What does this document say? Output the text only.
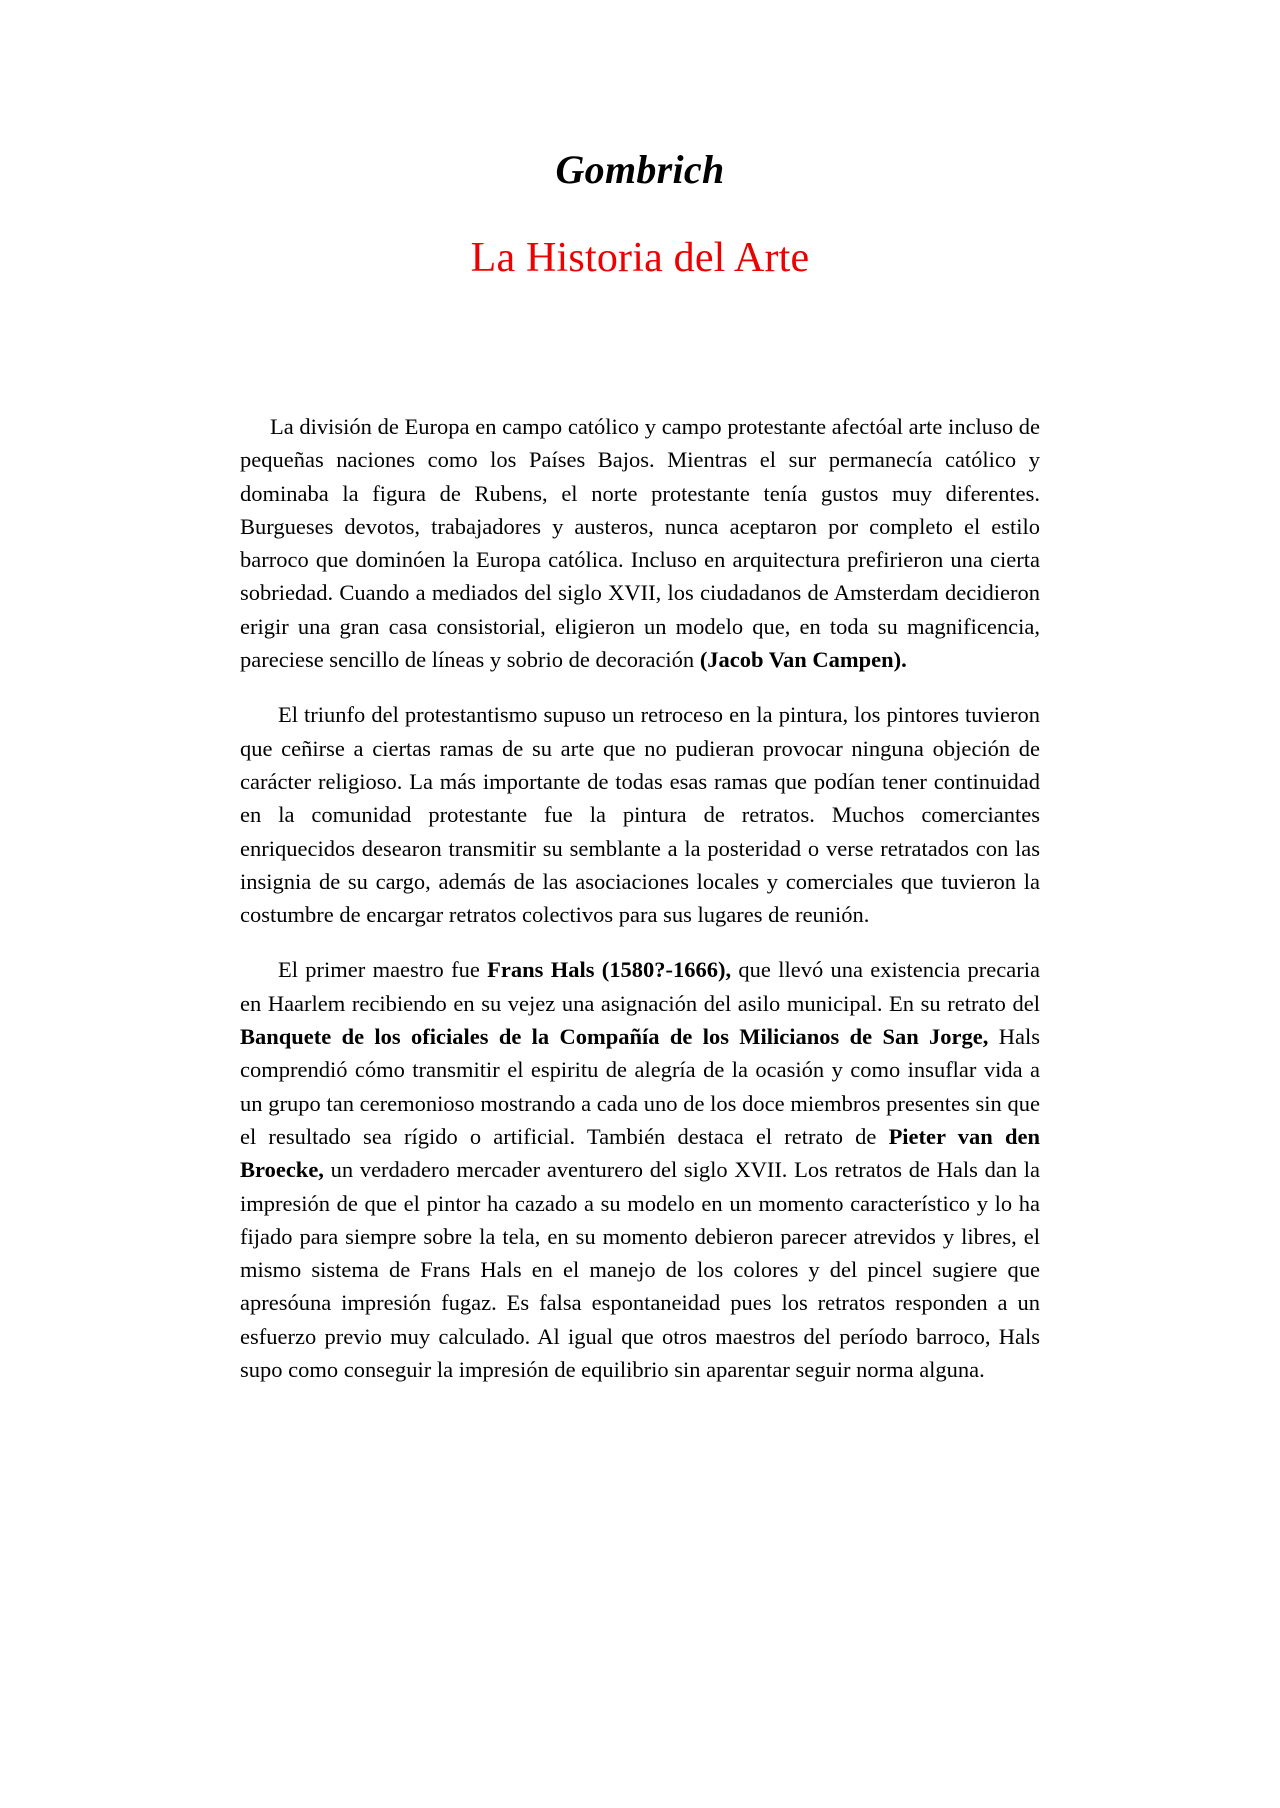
Gombrich
La Historia del Arte

La división de Europa en campo católico y campo protestante afectóal arte incluso de pequeñas naciones como los Países Bajos. Mientras el sur permanecía católico y dominaba la figura de Rubens, el norte protestante tenía gustos muy diferentes. Burgueses devotos, trabajadores y austeros, nunca aceptaron por completo el estilo barroco que dominóen la Europa católica. Incluso en arquitectura prefirieron una cierta sobriedad. Cuando a mediados del siglo XVII, los ciudadanos de Amsterdam decidieron erigir una gran casa consistorial, eligieron un modelo que, en toda su magnificencia, pareciese sencillo de líneas y sobrio de decoración (Jacob Van Campen).

El triunfo del protestantismo supuso un retroceso en la pintura, los pintores tuvieron que ceñirse a ciertas ramas de su arte que no pudieran provocar ninguna objeción de carácter religioso. La más importante de todas esas ramas que podían tener continuidad en la comunidad protestante fue la pintura de retratos. Muchos comerciantes enriquecidos desearon transmitir su semblante a la posteridad o verse retratados con las insignia de su cargo, además de las asociaciones locales y comerciales que tuvieron la costumbre de encargar retratos colectivos para sus lugares de reunión.

El primer maestro fue Frans Hals (1580?-1666), que llevó una existencia precaria en Haarlem recibiendo en su vejez una asignación del asilo municipal. En su retrato del Banquete de los oficiales de la Compañía de los Milicianos de San Jorge, Hals comprendió cómo transmitir el espiritu de alegría de la ocasión y como insuflar vida a un grupo tan ceremonioso mostrando a cada uno de los doce miembros presentes sin que el resultado sea rígido o artificial. También destaca el retrato de Pieter van den Broecke, un verdadero mercader aventurero del siglo XVII. Los retratos de Hals dan la impresión de que el pintor ha cazado a su modelo en un momento característico y lo ha fijado para siempre sobre la tela, en su momento debieron parecer atrevidos y libres, el mismo sistema de Frans Hals en el manejo de los colores y del pincel sugiere que apresóuna impresión fugaz. Es falsa espontaneidad pues los retratos responden a un esfuerzo previo muy calculado. Al igual que otros maestros del período barroco, Hals supo como conseguir la impresión de equilibrio sin aparentar seguir norma alguna.
